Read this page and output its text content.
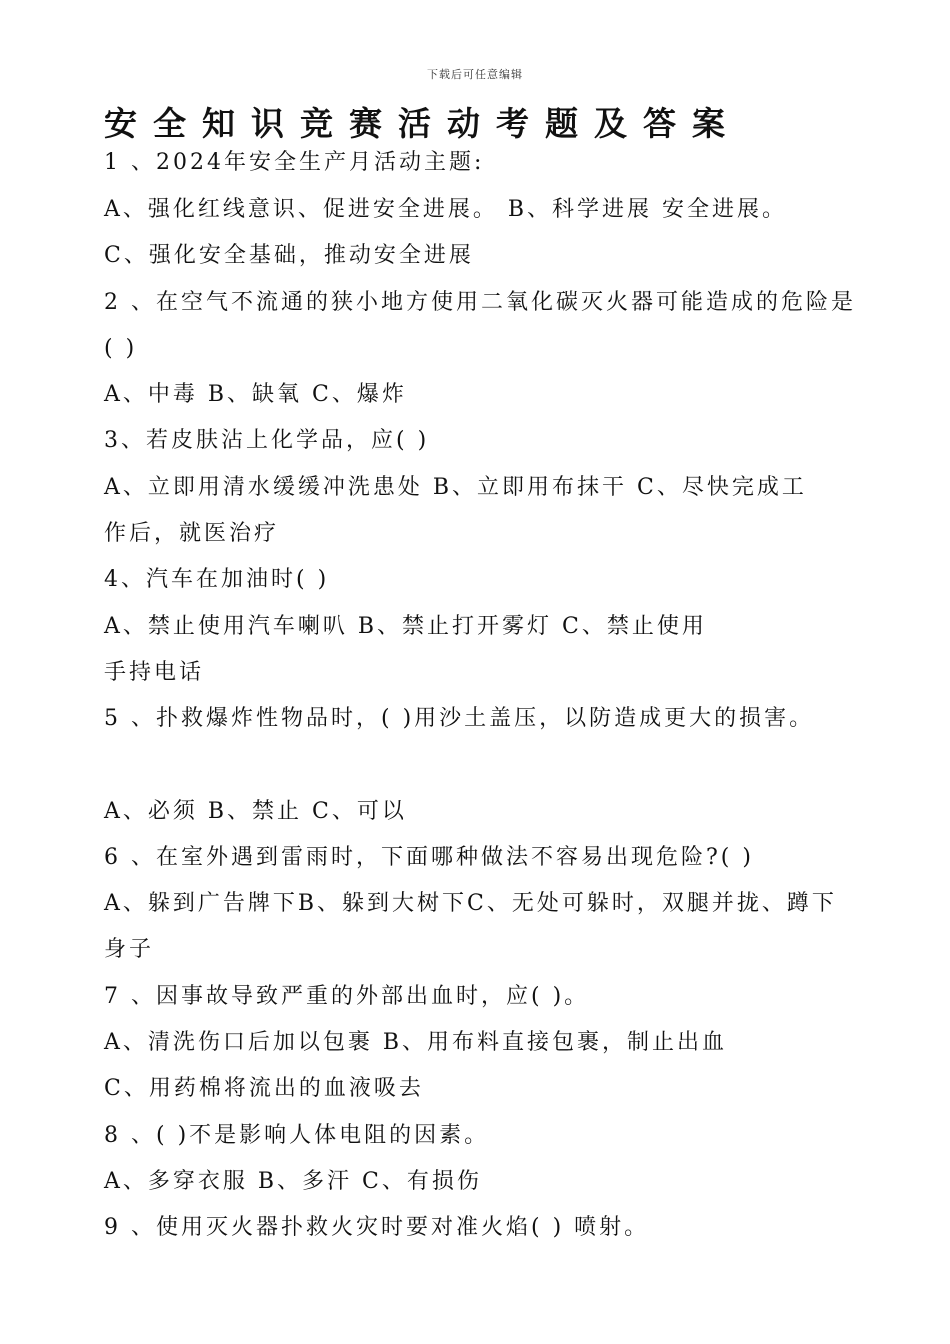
下载后可任意编辑
安全知识竞赛活动考题及答案
1 、2024年安全生产月活动主题:
A、强化红线意识、促进安全进展。 B、科学进展 安全进展。
C、强化安全基础，推动安全进展
2 、在空气不流通的狭小地方使用二氧化碳灭火器可能造成的危险是
( )
A、中毒 B、缺氧 C、爆炸
3、若皮肤沾上化学品，应( )
A、立即用清水缓缓冲洗患处 B、立即用布抹干 C、尽快完成工
作后，就医治疗
4、汽车在加油时( )
A、禁止使用汽车喇叭 B、禁止打开雾灯 C、禁止使用
手持电话
5 、扑救爆炸性物品时，( )用沙土盖压，以防造成更大的损害。
A、必须 B、禁止 C、可以
6 、在室外遇到雷雨时，下面哪种做法不容易出现危险?( )
A、躲到广告牌下B、躲到大树下C、无处可躲时，双腿并拢、蹲下
身子
7 、因事故导致严重的外部出血时，应( )。
A、清洗伤口后加以包裹 B、用布料直接包裹，制止出血
C、用药棉将流出的血液吸去
8 、( )不是影响人体电阻的因素。
A、多穿衣服 B、多汗 C、有损伤
9 、使用灭火器扑救火灾时要对准火焰( ) 喷射。
